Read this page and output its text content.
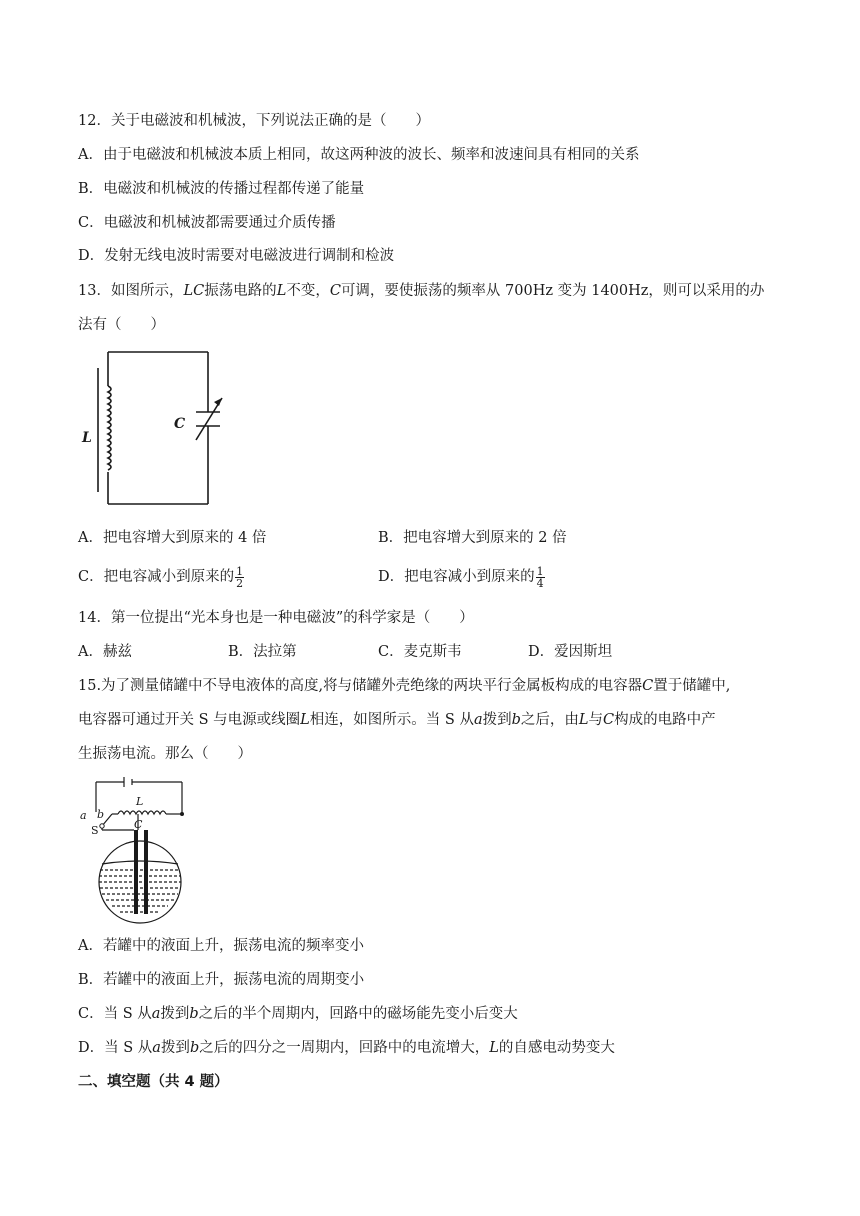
12．关于电磁波和机械波，下列说法正确的是（　　）
A．由于电磁波和机械波本质上相同，故这两种波的波长、频率和波速间具有相同的关系
B．电磁波和机械波的传播过程都传递了能量
C．电磁波和机械波都需要通过介质传播
D．发射无线电波时需要对电磁波进行调制和检波
13．如图所示，LC振荡电路的L不变，C可调，要使振荡的频率从 700Hz 变为 1400Hz，则可以采用的办
法有（　　）
L
C
A．把电容增大到原来的 4 倍	B．把电容增大到原来的 2 倍
C．把电容减小到原来的 $\frac{1}{2}$	D．把电容减小到原来的 $\frac{1}{4}$
14．第一位提出“光本身也是一种电磁波”的科学家是（　　）
A．赫兹	B．法拉第	C．麦克斯韦	D．爱因斯坦
15.为了测量储罐中不导电液体的高度,将与储罐外壳绝缘的两块平行金属板构成的电容器C置于储罐中,
电容器可通过开关 S 与电源或线圈L相连，如图所示。当 S 从a拨到b之后，由L与C构成的电路中产
生振荡电流。那么（　　）
a b
S
L
C
A．若罐中的液面上升，振荡电流的频率变小
B．若罐中的液面上升，振荡电流的周期变小
C．当 S 从a拨到b之后的半个周期内，回路中的磁场能先变小后变大
D．当 S 从a拨到b之后的四分之一周期内，回路中的电流增大，L的自感电动势变大
二、填空题（共 4 题）
